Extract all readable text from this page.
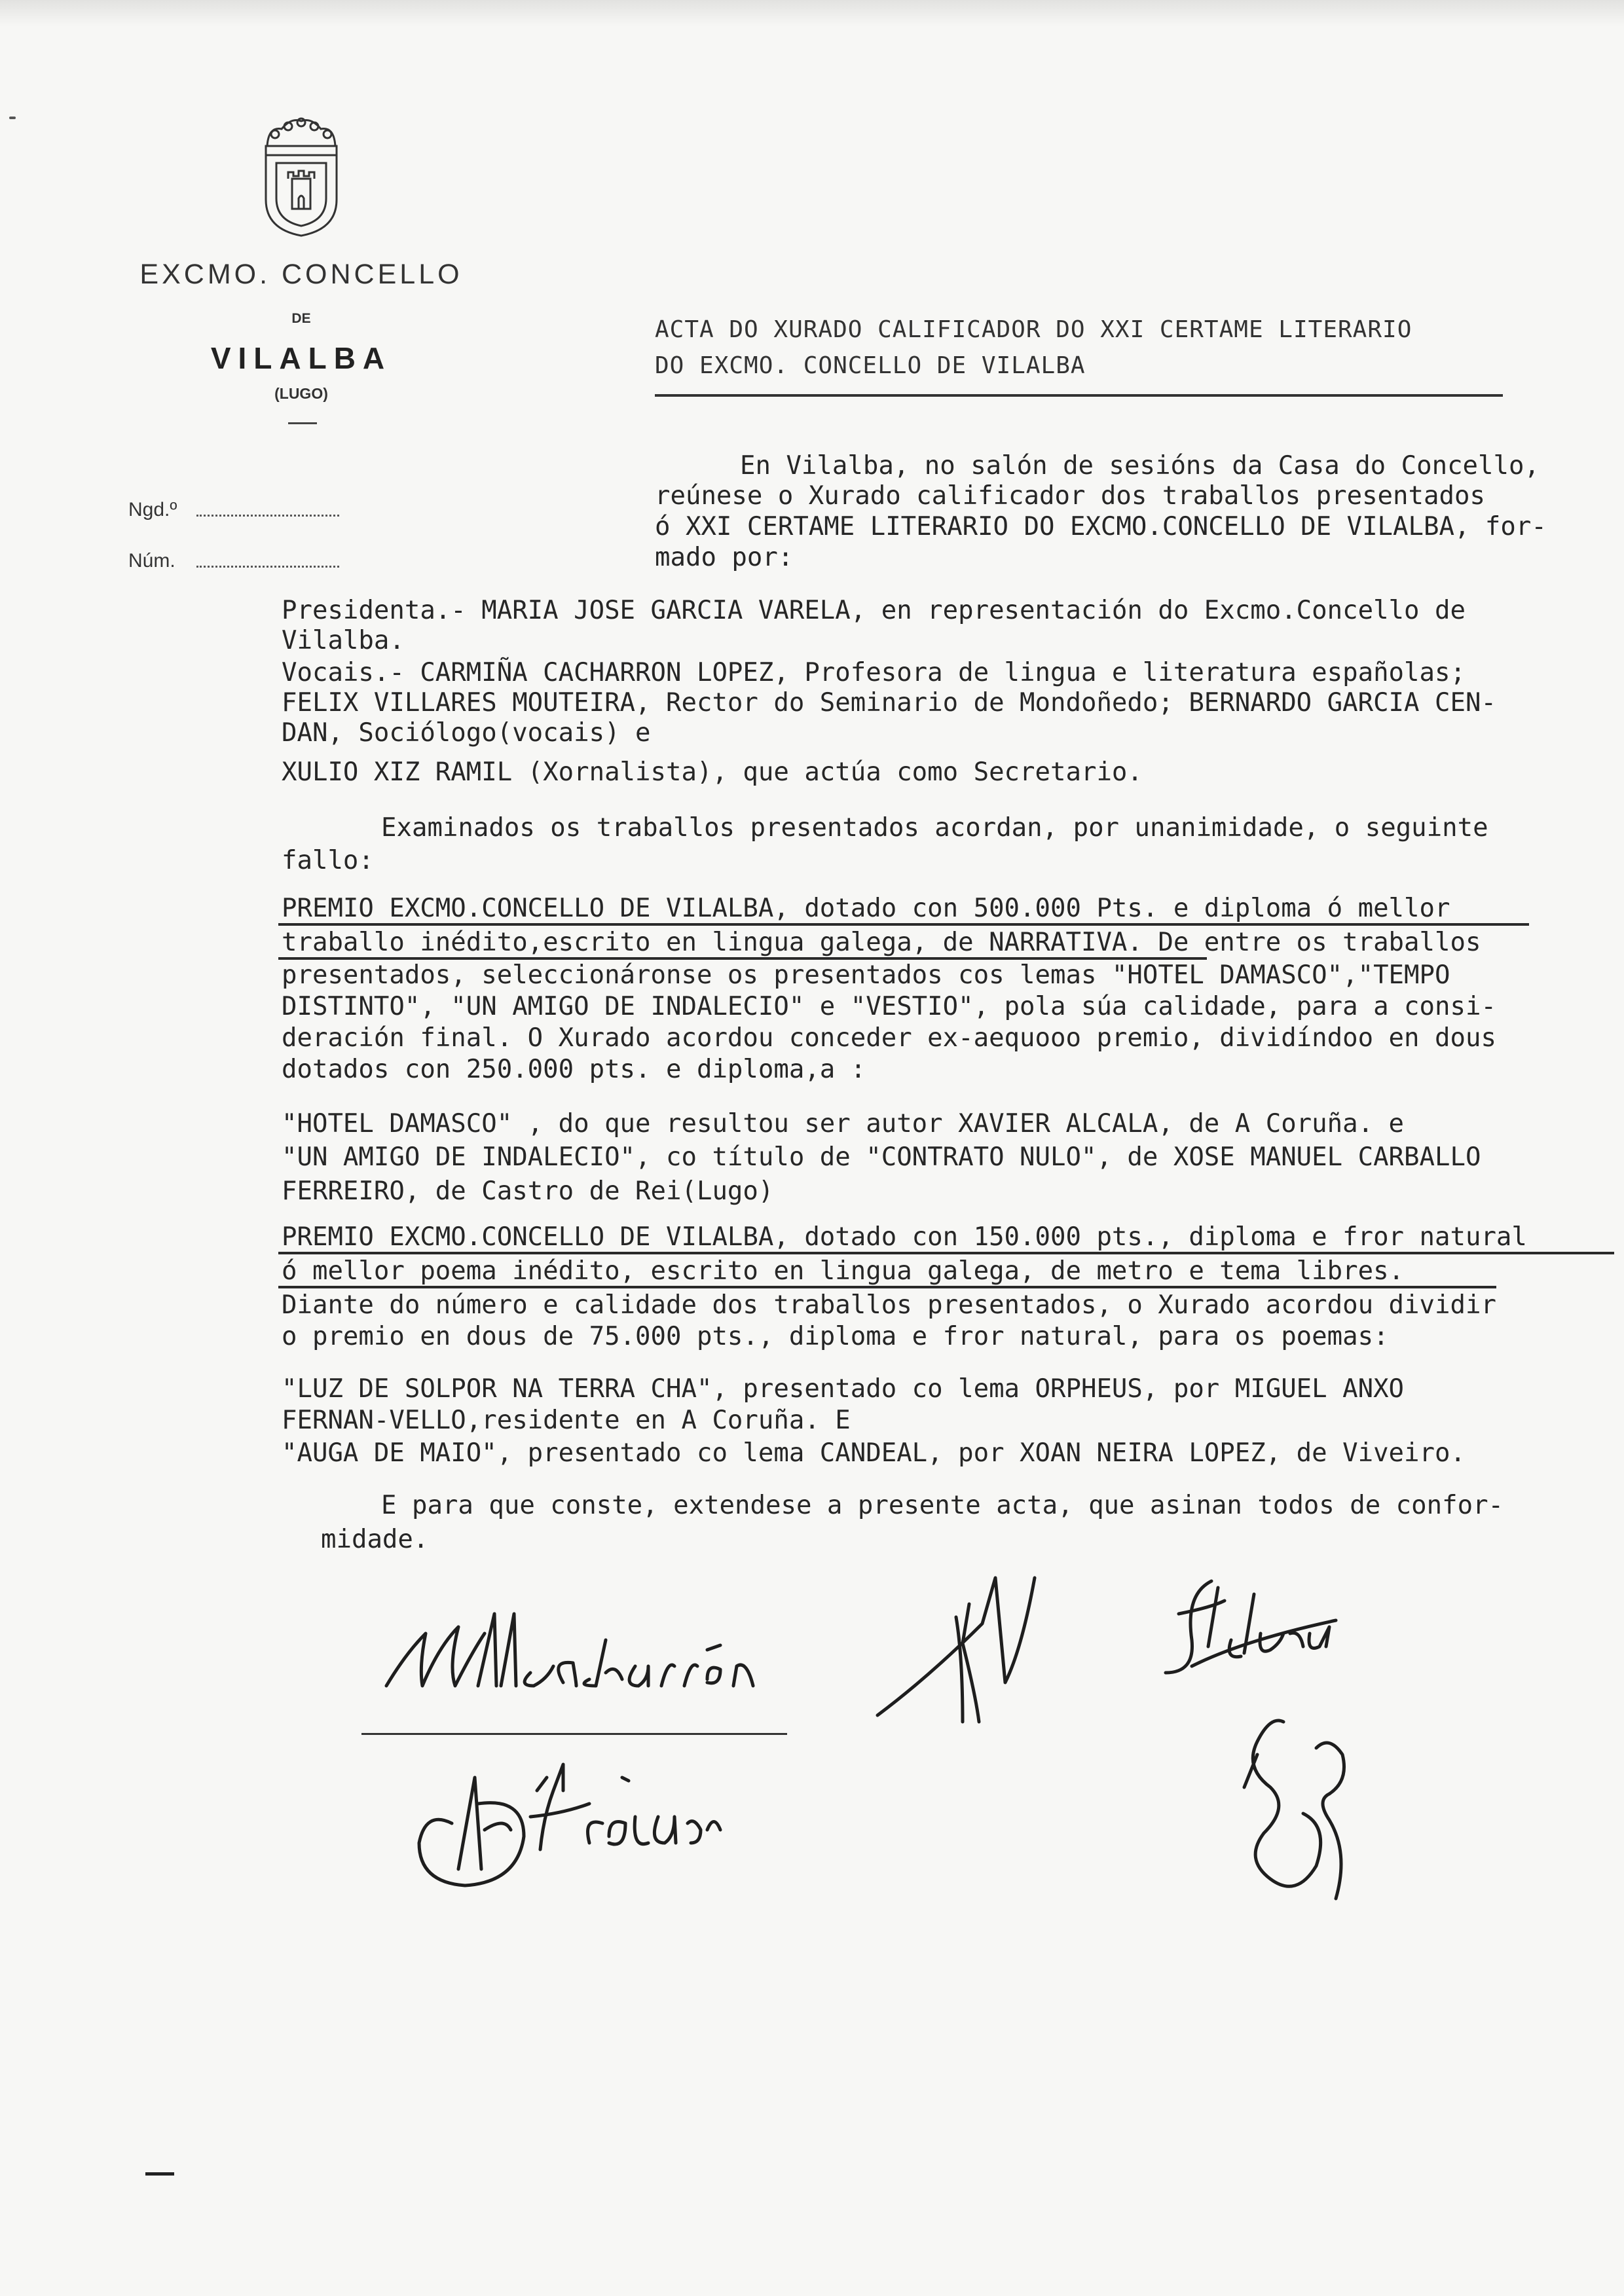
EXCMO. CONCELLO
DE
VILALBA
(LUGO)
Ngd.º
Núm.
ACTA DO XURADO CALIFICADOR DO XXI CERTAME LITERARIO
DO EXCMO. CONCELLO DE VILALBA
En Vilalba, no salón de sesións da Casa do Concello,
reúnese o Xurado calificador dos traballos presentados
ó XXI CERTAME LITERARIO DO EXCMO.CONCELLO DE VILALBA, for-
mado por:
Presidenta.- MARIA JOSE GARCIA VARELA, en representación do Excmo.Concello de
Vilalba.
Vocais.- CARMIÑA CACHARRON LOPEZ, Profesora de lingua e literatura españolas;
FELIX VILLARES MOUTEIRA, Rector do Seminario de Mondoñedo; BERNARDO GARCIA CEN-
DAN, Sociólogo(vocais) e
XULIO XIZ RAMIL (Xornalista), que actúa como Secretario.
Examinados os traballos presentados acordan, por unanimidade, o seguinte
fallo:
PREMIO EXCMO.CONCELLO DE VILALBA, dotado con 500.000 Pts. e diploma ó mellor
traballo inédito,escrito en lingua galega, de NARRATIVA. De entre os traballos
presentados, seleccionáronse os presentados cos lemas "HOTEL DAMASCO","TEMPO
DISTINTO", "UN AMIGO DE INDALECIO" e "VESTIO", pola súa calidade, para a consi-
deración final. O Xurado acordou conceder ex-aequooo premio, dividíndoo en dous
dotados con 250.000 pts. e diploma,a :
"HOTEL DAMASCO" , do que resultou ser autor XAVIER ALCALA, de A Coruña. e
"UN AMIGO DE INDALECIO", co título de "CONTRATO NULO", de XOSE MANUEL CARBALLO
FERREIRO, de Castro de Rei(Lugo)
PREMIO EXCMO.CONCELLO DE VILALBA, dotado con 150.000 pts., diploma e fror natural
ó mellor poema inédito, escrito en lingua galega, de metro e tema libres.
Diante do número e calidade dos traballos presentados, o Xurado acordou dividir
o premio en dous de 75.000 pts., diploma e fror natural, para os poemas:
"LUZ DE SOLPOR NA TERRA CHA", presentado co lema ORPHEUS, por MIGUEL ANXO
FERNAN-VELLO,residente en A Coruña. E
"AUGA DE MAIO", presentado co lema CANDEAL, por XOAN NEIRA LOPEZ, de Viveiro.
E para que conste, extendese a presente acta, que asinan todos de confor-
midade.
